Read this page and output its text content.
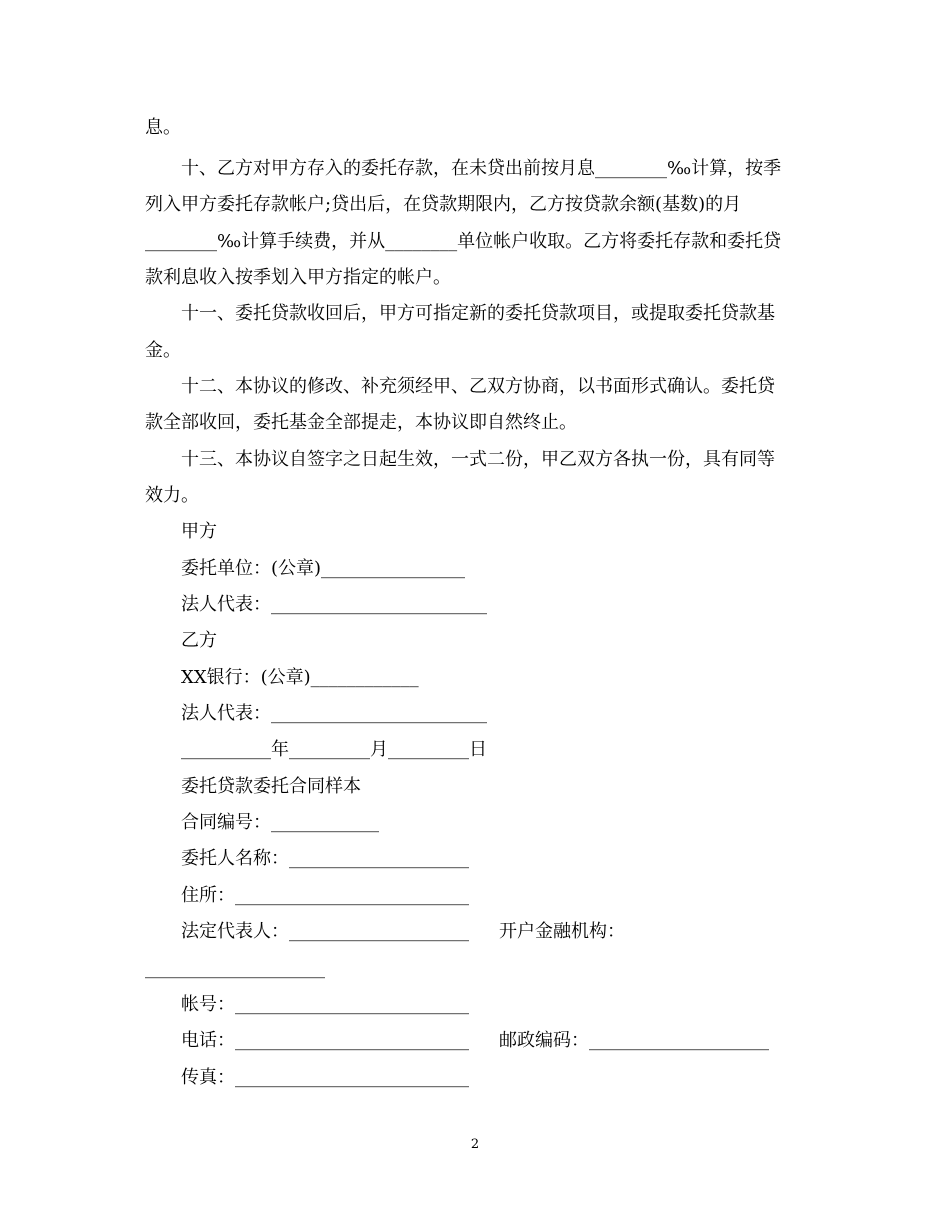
息。
十、乙方对甲方存入的委托存款，在未贷出前按月息________‰计算，按季
列入甲方委托存款帐户;贷出后，在贷款期限内，乙方按贷款余额(基数)的月
________‰计算手续费，并从________单位帐户收取。乙方将委托存款和委托贷
款利息收入按季划入甲方指定的帐户。
十一、委托贷款收回后，甲方可指定新的委托贷款项目，或提取委托贷款基
金。
十二、本协议的修改、补充须经甲、乙双方协商，以书面形式确认。委托贷
款全部收回，委托基金全部提走，本协议即自然终止。
十三、本协议自签字之日起生效，一式二份，甲乙双方各执一份，具有同等
效力。
甲方
委托单位：(公章)________________
法人代表：________________________
乙方
XX银行：(公章)____________
法人代表：________________________
__________年_________月_________日
委托贷款委托合同样本
合同编号：____________
委托人名称：____________________
住所：__________________________
法定代表人：____________________ 开户金融机构：
____________________
帐号：__________________________
电话：__________________________ 邮政编码：____________________
传真：__________________________
2
